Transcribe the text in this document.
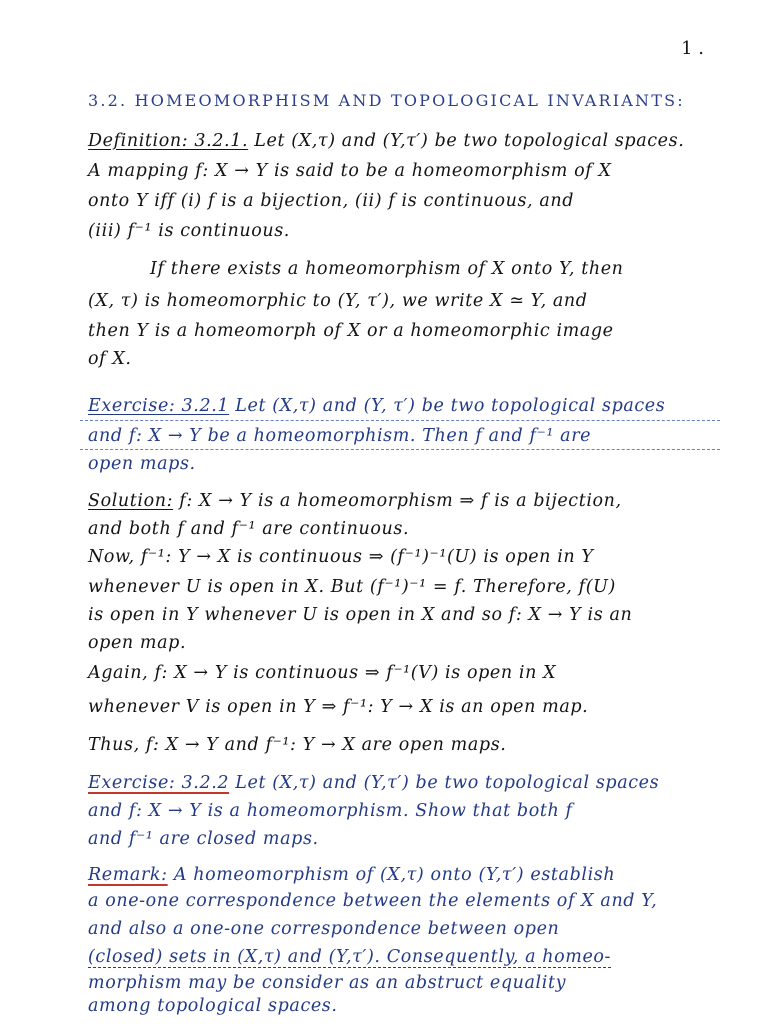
1 .
3.2. HOMEOMORPHISM AND TOPOLOGICAL INVARIANTS:
Definition: 3.2.1. Let (X,τ) and (Y,τ′) be two topological spaces.
A mapping f: X → Y is said to be a homeomorphism of X
onto Y iff (i) f is a bijection, (ii) f is continuous, and
(iii) f⁻¹ is continuous.
If there exists a homeomorphism of X onto Y, then
(X, τ) is homeomorphic to (Y, τ′), we write X ≃ Y, and
then Y is a homeomorph of X or a homeomorphic image
of X.
Exercise: 3.2.1 Let (X,τ) and (Y, τ′) be two topological spaces
and f: X → Y be a homeomorphism. Then f and f⁻¹ are
open maps.
Solution: f: X → Y is a homeomorphism ⇒ f is a bijection,
and both f and f⁻¹ are continuous.
Now, f⁻¹: Y → X is continuous ⇒ (f⁻¹)⁻¹(U) is open in Y
whenever U is open in X. But (f⁻¹)⁻¹ = f. Therefore, f(U)
is open in Y whenever U is open in X and so f: X → Y is an
open map.
Again, f: X → Y is continuous ⇒ f⁻¹(V) is open in X
whenever V is open in Y ⇒ f⁻¹: Y → X is an open map.
Thus, f: X → Y and f⁻¹: Y → X are open maps.
Exercise: 3.2.2 Let (X,τ) and (Y,τ′) be two topological spaces
and f: X → Y is a homeomorphism. Show that both f
and f⁻¹ are closed maps.
Remark: A homeomorphism of (X,τ) onto (Y,τ′) establish
a one-one correspondence between the elements of X and Y,
and also a one-one correspondence between open
(closed) sets in (X,τ) and (Y,τ′). Consequently, a homeo-
morphism may be consider as an abstruct equality
among topological spaces.
